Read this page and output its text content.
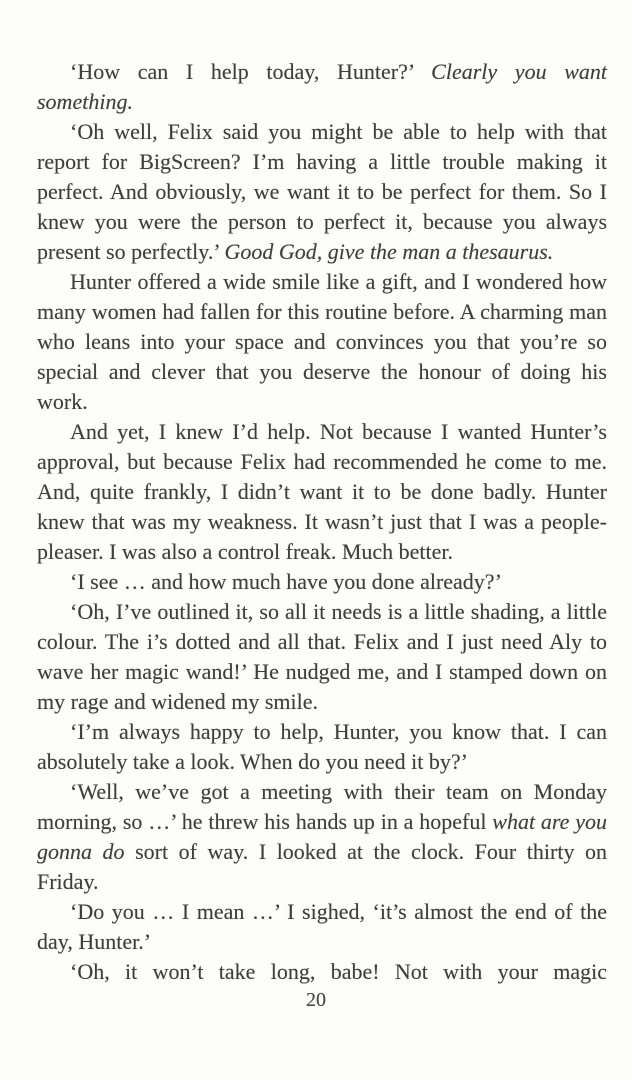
‘How can I help today, Hunter?’ Clearly you want something.

‘Oh well, Felix said you might be able to help with that report for BigScreen? I’m having a little trouble making it perfect. And obviously, we want it to be perfect for them. So I knew you were the person to perfect it, because you always present so perfectly.’ Good God, give the man a thesaurus.

Hunter offered a wide smile like a gift, and I wondered how many women had fallen for this routine before. A charming man who leans into your space and convinces you that you’re so special and clever that you deserve the honour of doing his work.

And yet, I knew I’d help. Not because I wanted Hunter’s approval, but because Felix had recommended he come to me. And, quite frankly, I didn’t want it to be done badly. Hunter knew that was my weakness. It wasn’t just that I was a people-pleaser. I was also a control freak. Much better.

‘I see … and how much have you done already?’

‘Oh, I’ve outlined it, so all it needs is a little shading, a little colour. The i’s dotted and all that. Felix and I just need Aly to wave her magic wand!’ He nudged me, and I stamped down on my rage and widened my smile.

‘I’m always happy to help, Hunter, you know that. I can absolutely take a look. When do you need it by?’

‘Well, we’ve got a meeting with their team on Monday morning, so …’ he threw his hands up in a hopeful what are you gonna do sort of way. I looked at the clock. Four thirty on Friday.

‘Do you … I mean …’ I sighed, ‘it’s almost the end of the day, Hunter.’

‘Oh, it won’t take long, babe! Not with your magic

20
